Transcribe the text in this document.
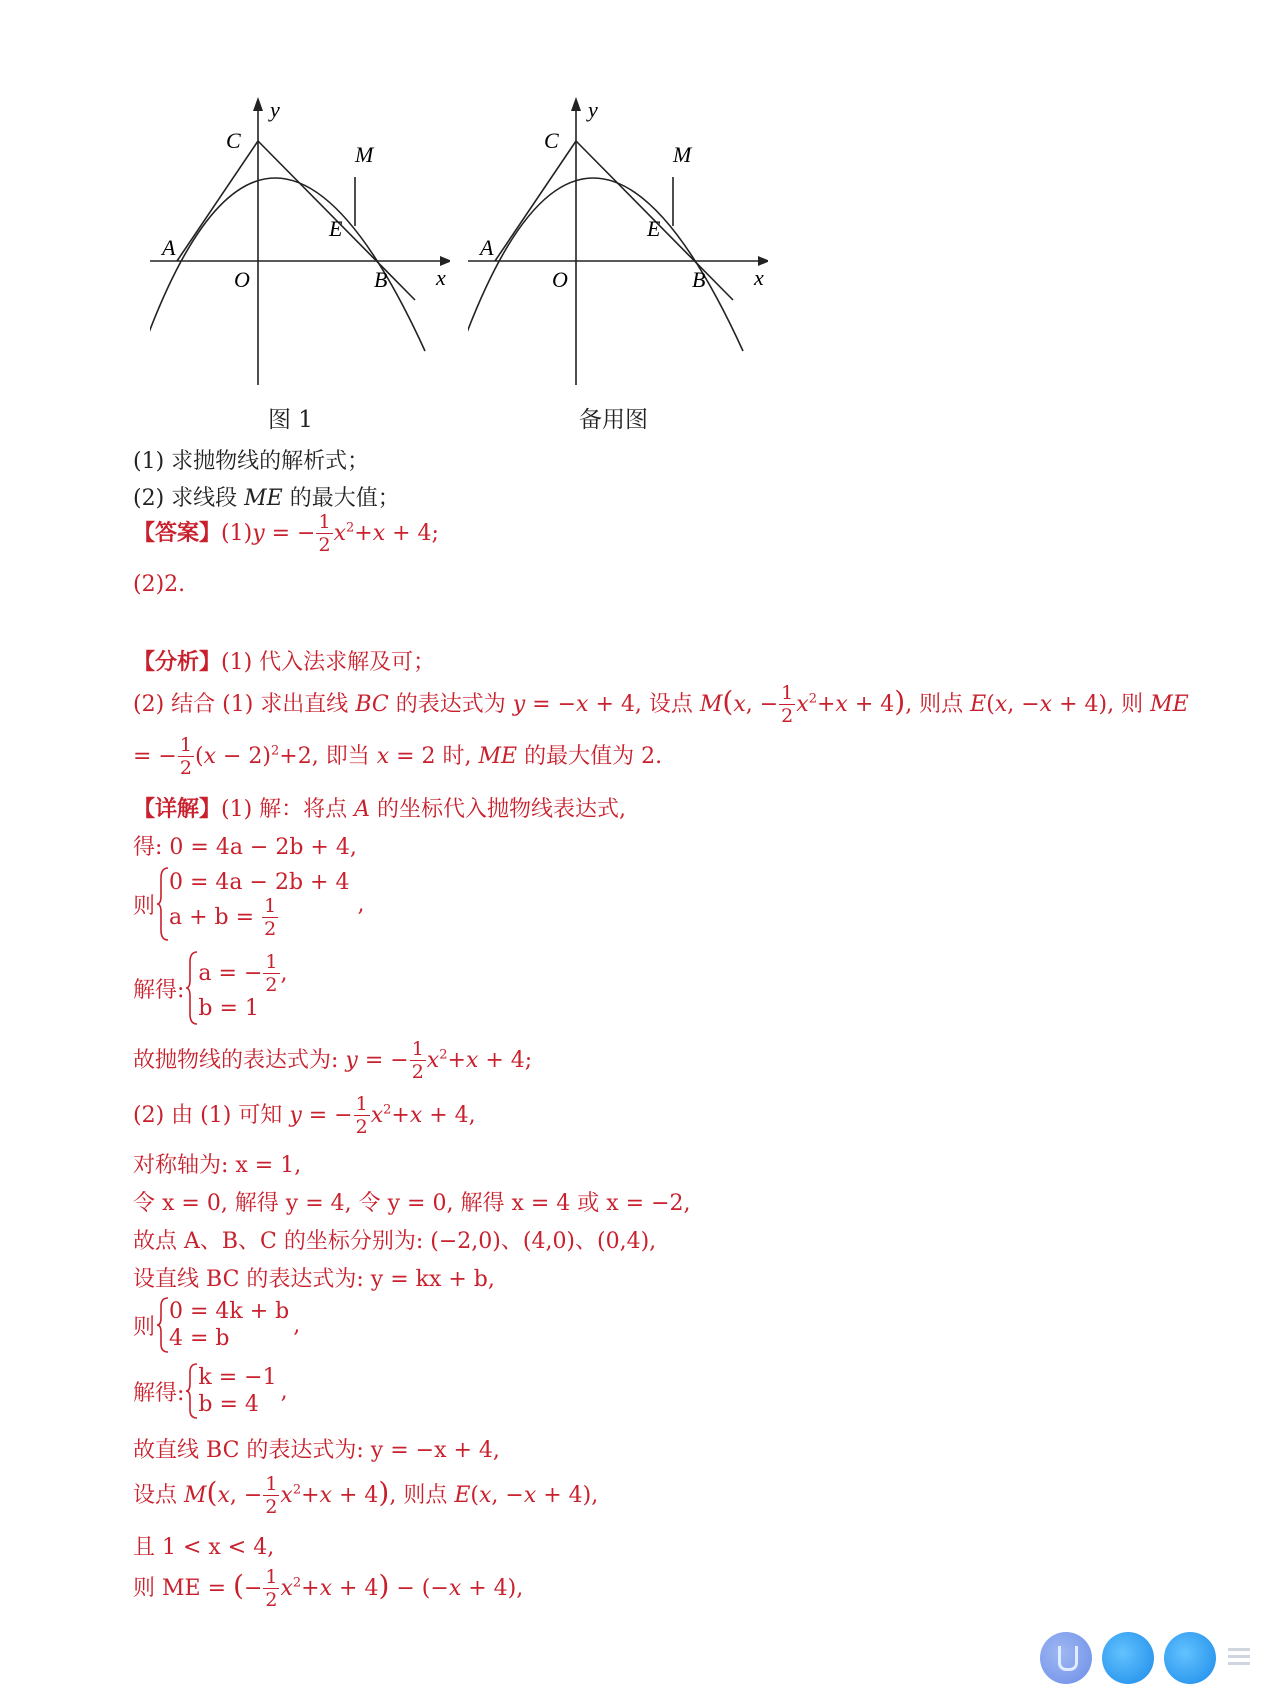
y
C
M
E
A
O	B x
图 1
y
C
M
E
A
O	B x
备用图
(1) 求抛物线的解析式；
(2) 求线段 ME 的最大值；
【答案】(1)y = − $\frac{1}{2} x^2+x + 4$;
(2)2.
【分析】(1) 代入法求解及可；
(2) 结合 (1) 求出直线 BC 的表达式为 y = −x + 4, 设点 M(x, − $\frac{1}{2} x^2+x + 4$), 则点 E(x, −x + 4), 则 ME
= − $\frac{1}{2} (x - 2)^2+2$, 即当 x = 2 时, ME 的最大值为 2.
【详解】(1) 解：将点 A 的坐标代入抛物线表达式,
得: 0 = 4a − 2b + 4,
则
0 = 4a − 2b + 4
$a + b = \frac{1}{2}$	,
解得:
a = − $\frac{1}{2}$ ,
b = 1
故抛物线的表达式为: y = − $\frac{1}{2} x^2+x + 4$;
(2) 由 (1) 可知 y = − $\frac{1}{2} x^2+x + 4$,
对称轴为: x = 1,
令 x = 0, 解得 y = 4, 令 y = 0, 解得 x = 4 或 x = −2,
故点 A、B、C 的坐标分别为: (−2,0)、(4,0)、(0,4),
设直线 BC 的表达式为: y = kx + b,
则
0 = 4k + b
4 = b
,
解得:
k = −1
b = 4
,
故直线 BC 的表达式为: y = −x + 4,
设点 M(x, − $\frac{1}{2} x^2+x + 4$), 则点 E(x, −x + 4),
且 1 < x < 4,
则 ME = (− $\frac{1}{2} x^2+x + 4) - (-x + 4)$,
